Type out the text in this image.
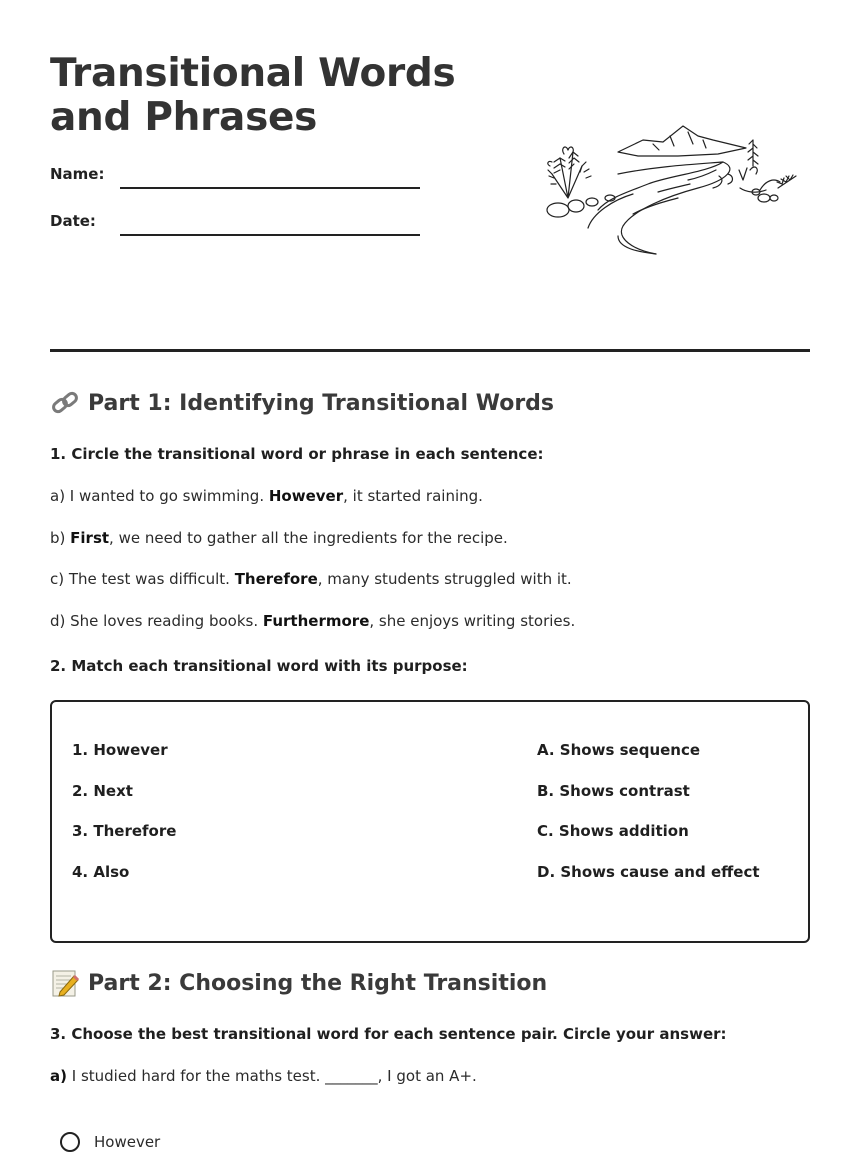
Transitional Words and Phrases
Name:
Date:
Part 1: Identifying Transitional Words
1. Circle the transitional word or phrase in each sentence:
a) I wanted to go swimming. However, it started raining.
b) First, we need to gather all the ingredients for the recipe.
c) The test was difficult. Therefore, many students struggled with it.
d) She loves reading books. Furthermore, she enjoys writing stories.
2. Match each transitional word with its purpose:
1. However
2. Next
3. Therefore
4. Also
A. Shows sequence
B. Shows contrast
C. Shows addition
D. Shows cause and effect
Part 2: Choosing the Right Transition
3. Choose the best transitional word for each sentence pair. Circle your answer:
a) I studied hard for the maths test. _______, I got an A+.
However
